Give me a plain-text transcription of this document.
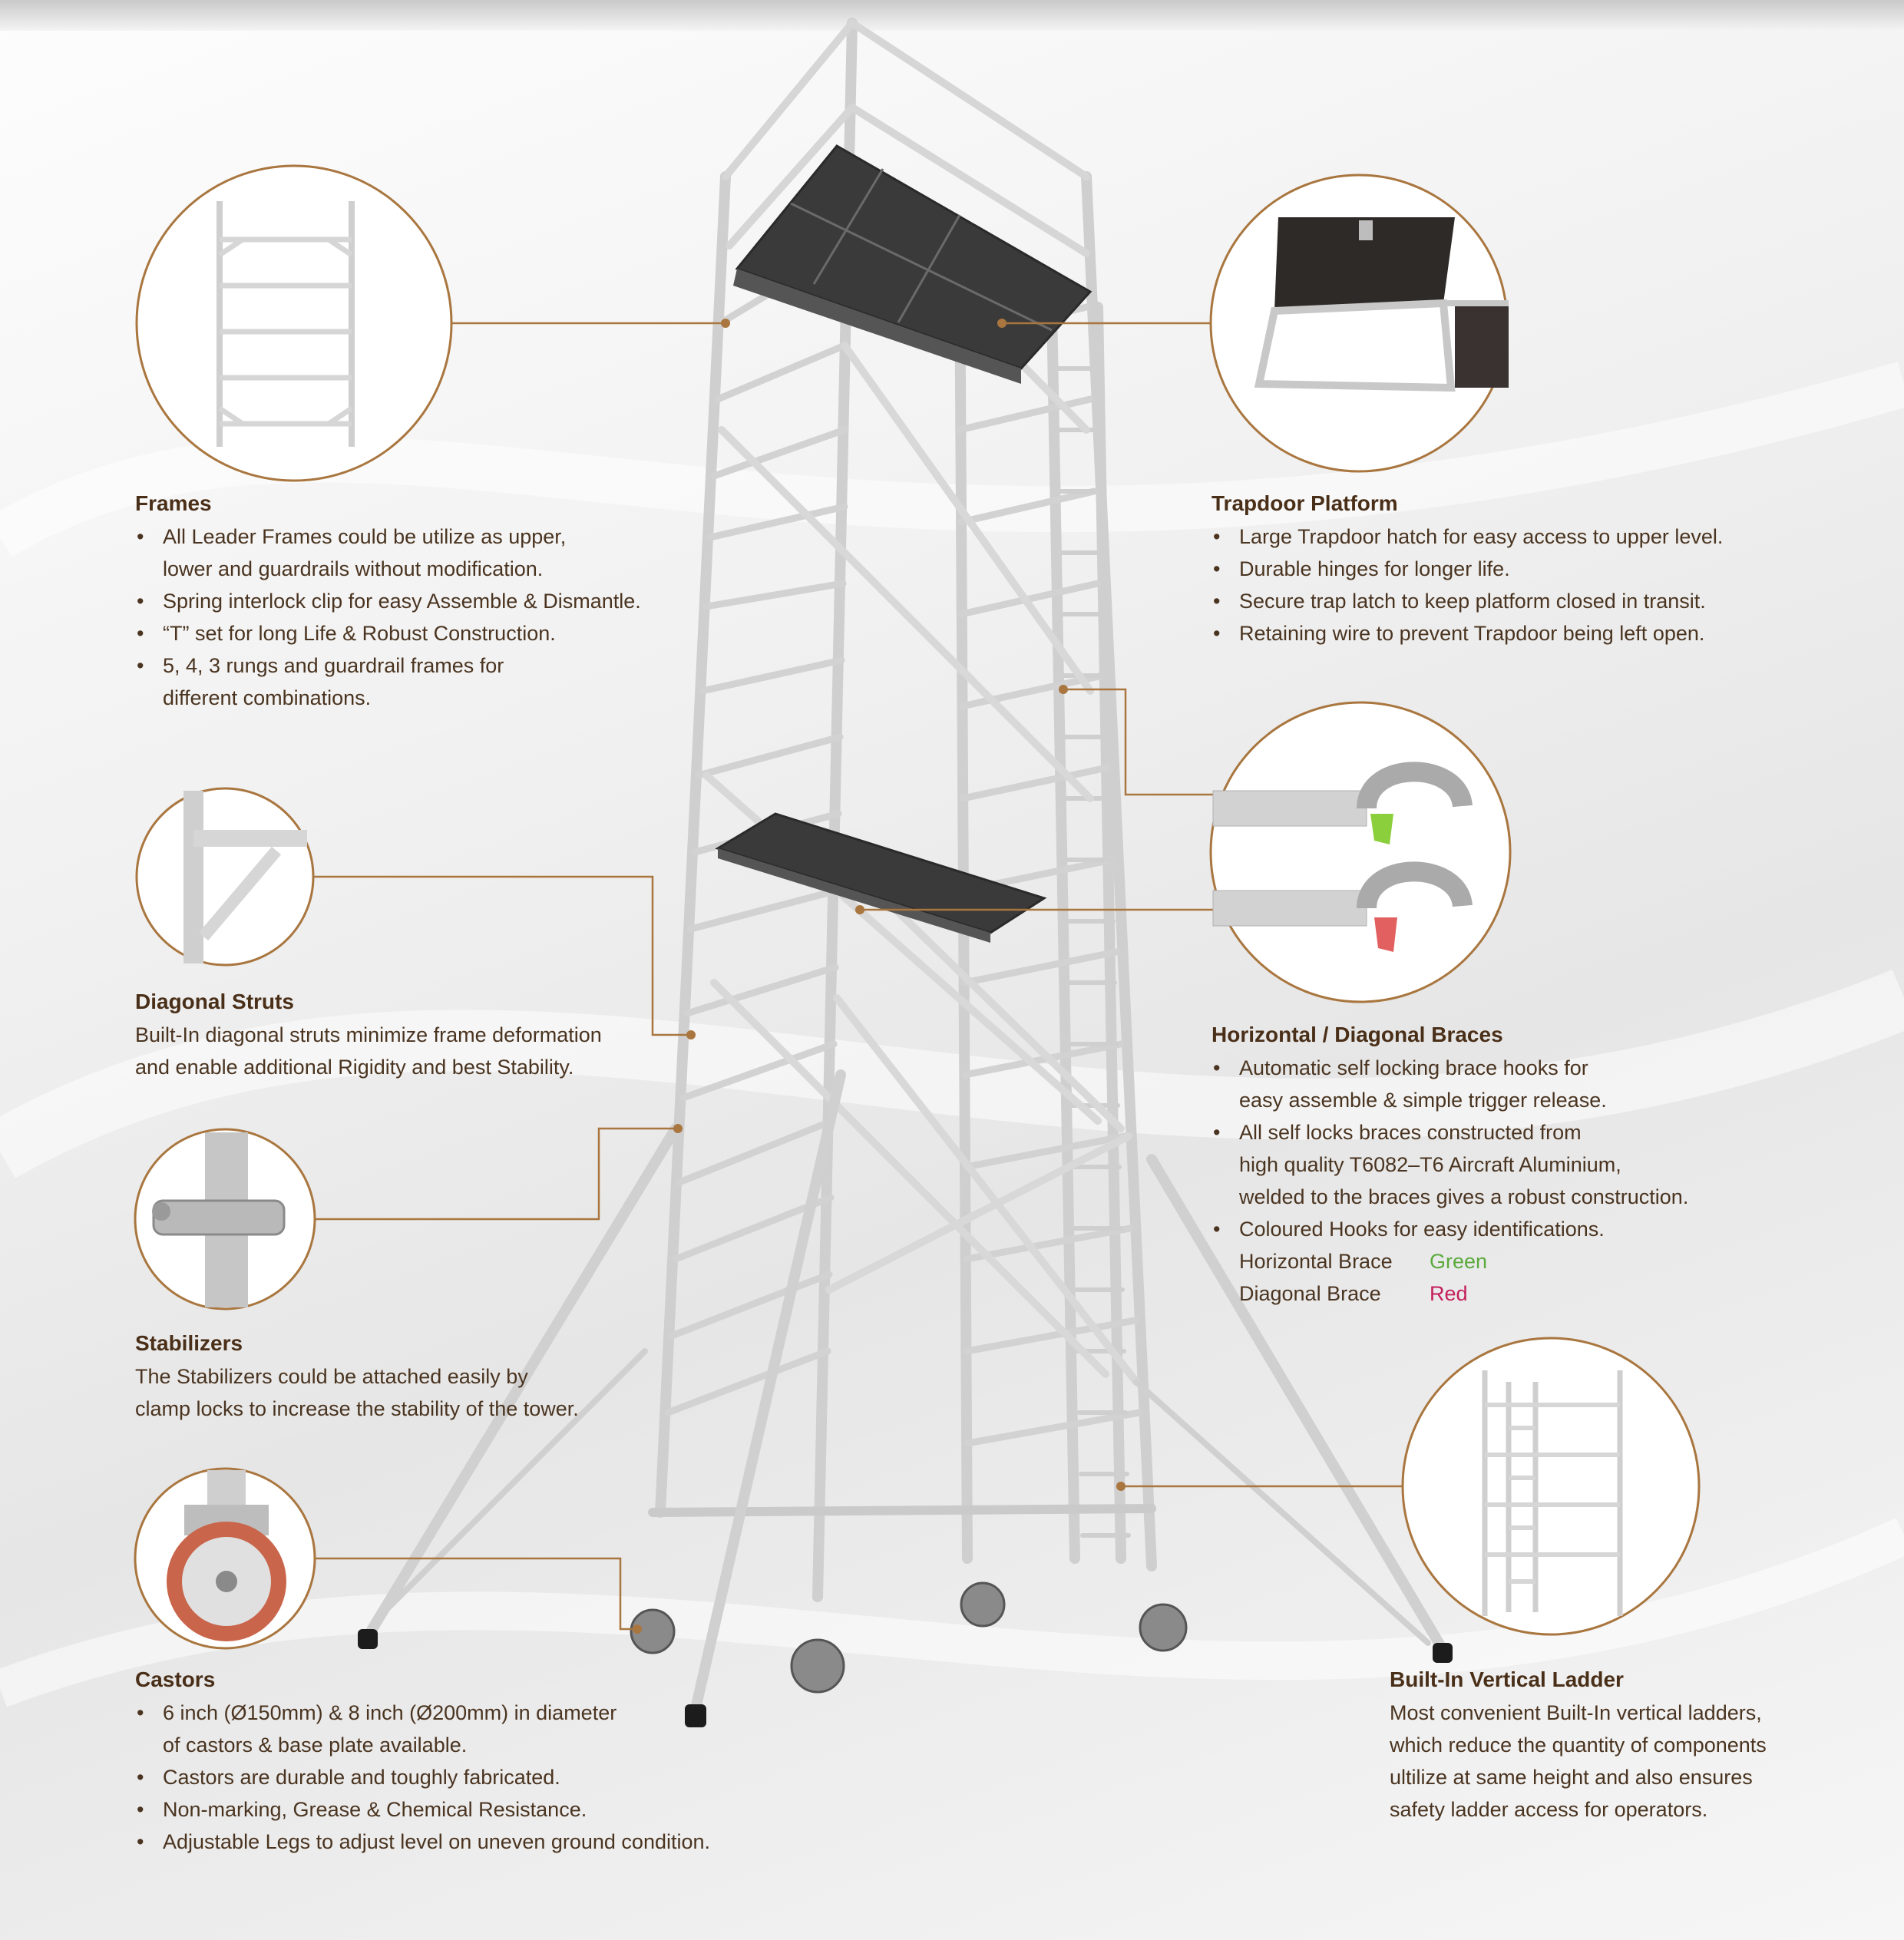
Frames
• All Leader Frames could be utilize as upper,
lower and guardrails without modification.
• Spring interlock clip for easy Assemble & Dismantle.
• “T” set for long Life & Robust Construction.
• 5, 4, 3 rungs and guardrail frames for
different combinations.
Trapdoor Platform
• Large Trapdoor hatch for easy access to upper level.
• Durable hinges for longer life.
• Secure trap latch to keep platform closed in transit.
• Retaining wire to prevent Trapdoor being left open.
Diagonal Struts

Built-In diagonal struts minimize frame deformation
and enable additional Rigidity and best Stability.

Horizontal / Diagonal Braces
• Automatic self locking brace hooks for
easy assemble & simple trigger release.
• All self locks braces constructed from
high quality T6082–T6 Aircraft Aluminium,
welded to the braces gives a robust construction.
• Coloured Hooks for easy identifications.
Horizontal Brace Green
Diagonal Brace Red
Stabilizers

The Stabilizers could be attached easily by
clamp locks to increase the stability of the tower.

Castors
• 6 inch (Ø150mm) & 8 inch (Ø200mm) in diameter
of castors & base plate available.
• Castors are durable and toughly fabricated.
• Non-marking, Grease & Chemical Resistance.
• Adjustable Legs to adjust level on uneven ground condition.
Built-In Vertical Ladder

Most convenient Built-In vertical ladders,
which reduce the quantity of components
ultilize at same height and also ensures
safety ladder access for operators.
